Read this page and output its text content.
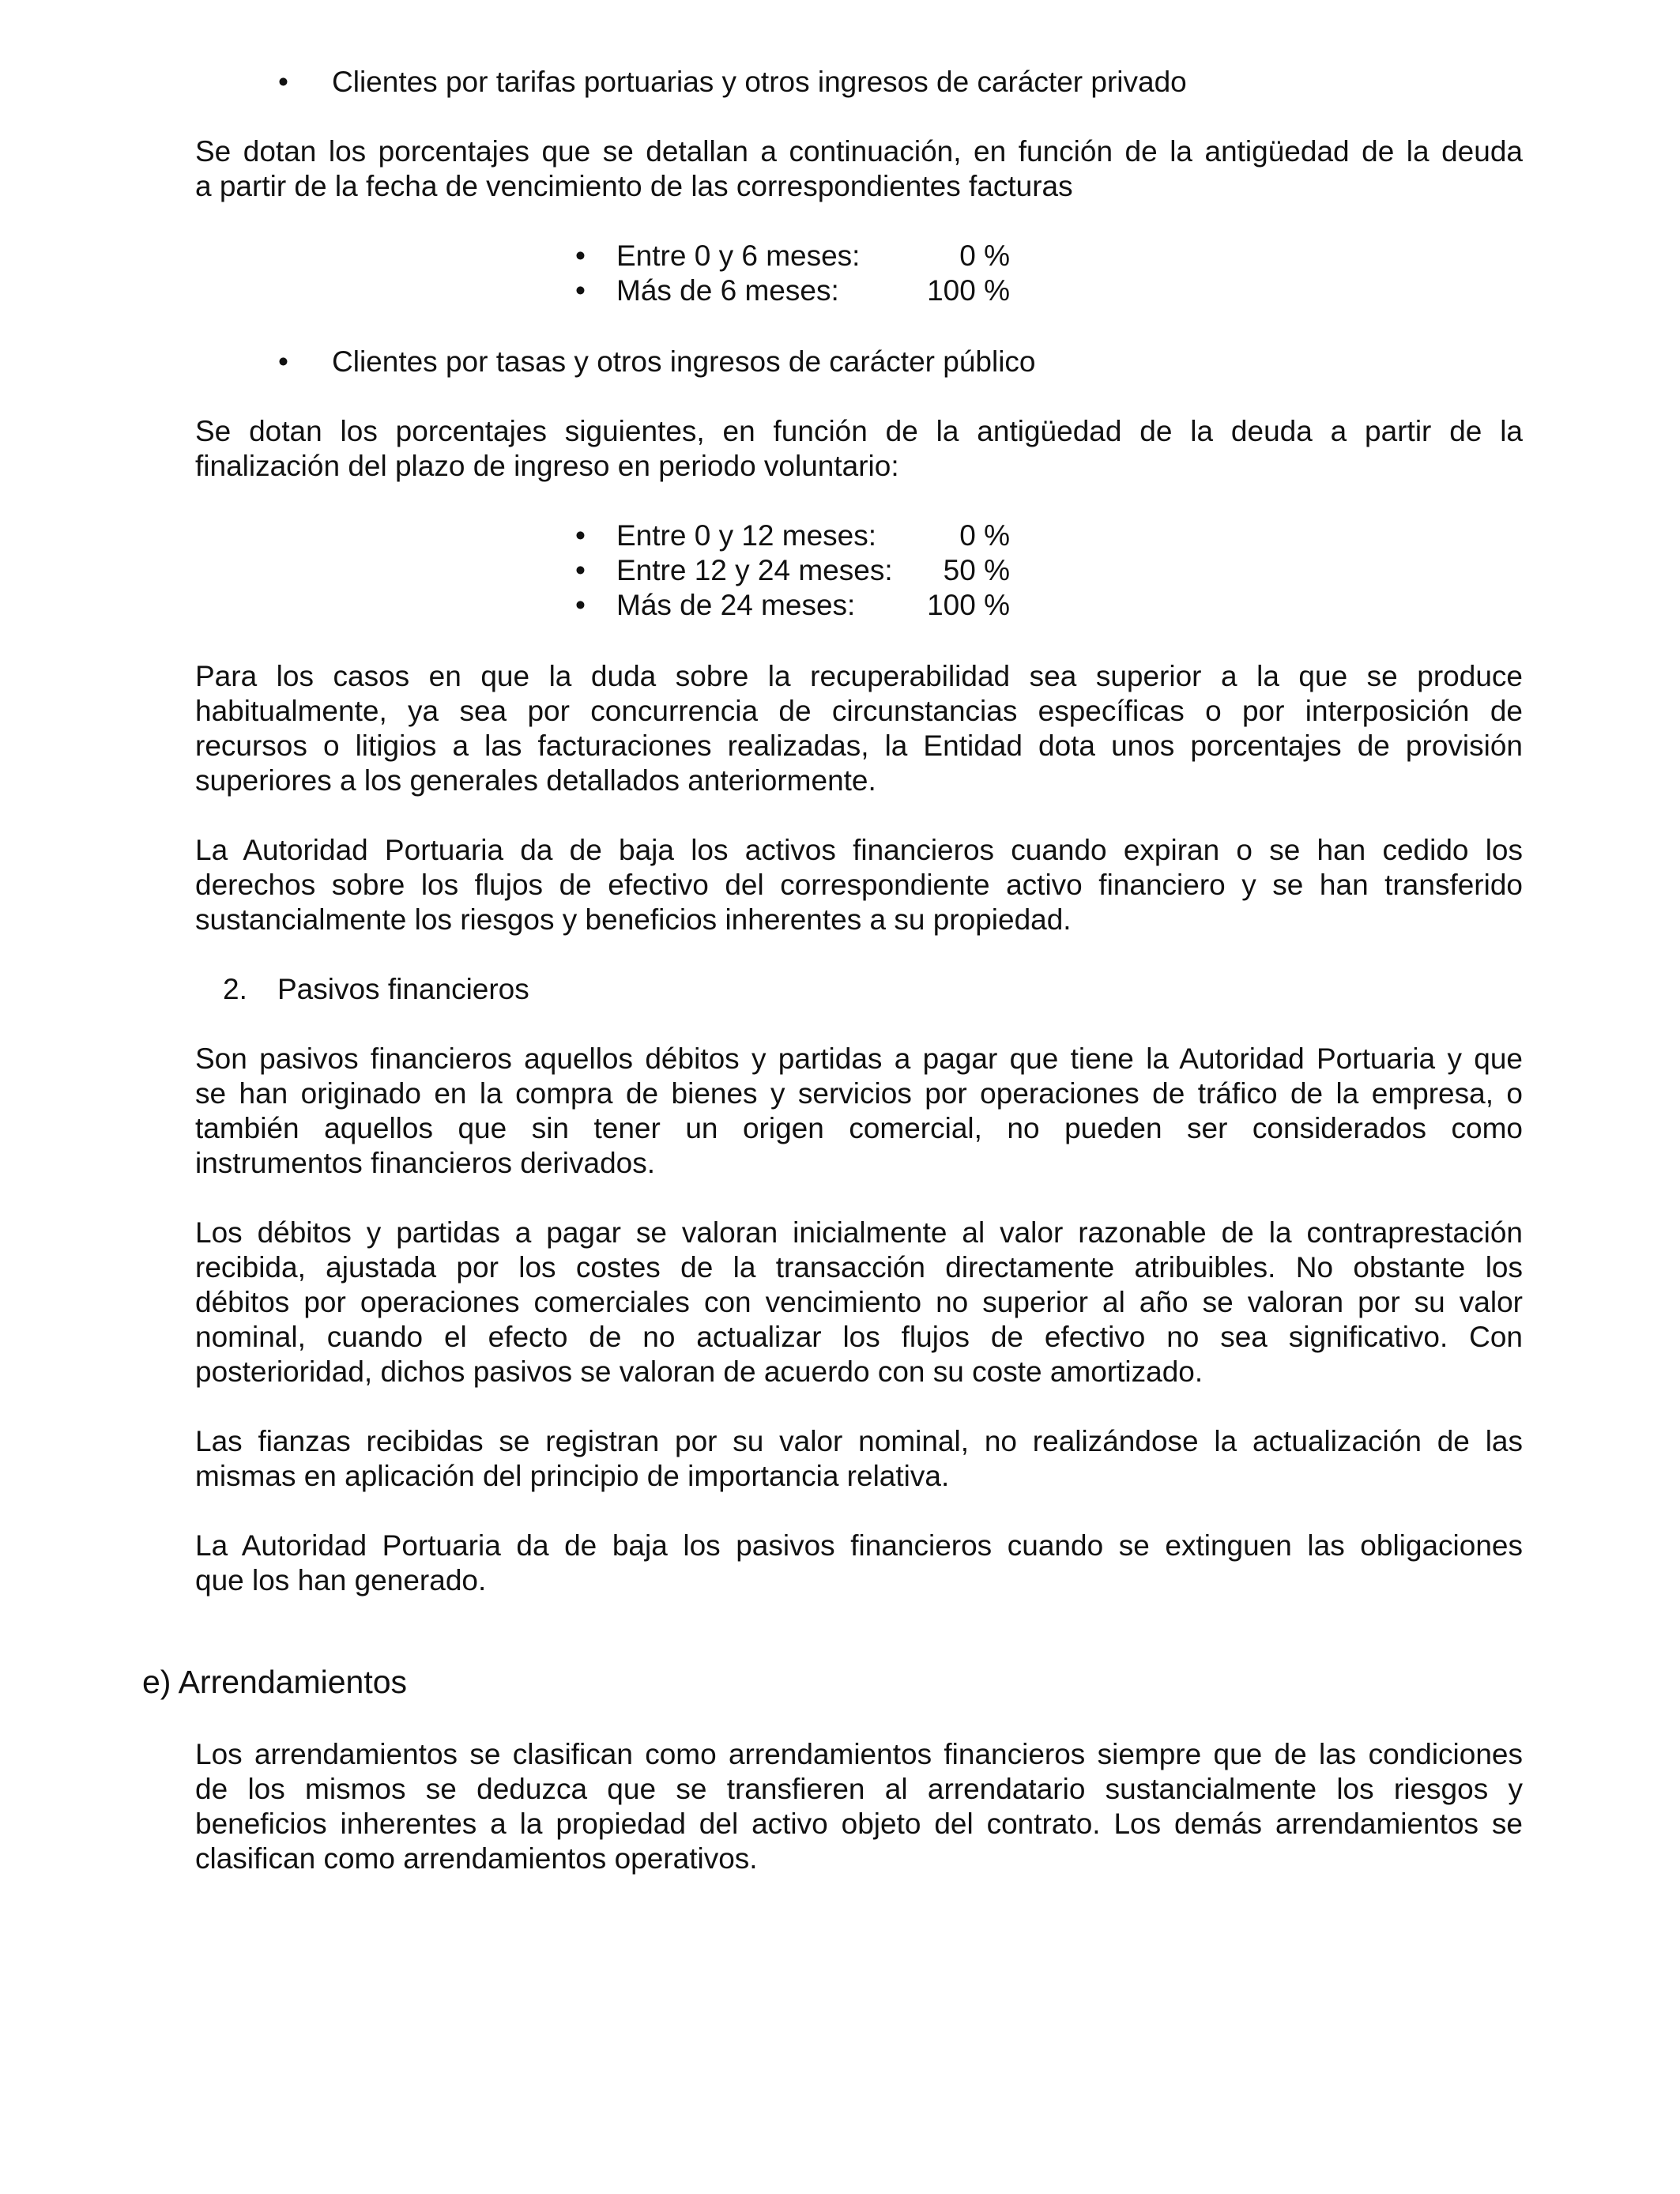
• Clientes por tarifas portuarias y otros ingresos de carácter privado
Se dotan los porcentajes que se detallan a continuación, en función de la antigüedad de la deuda
a partir de la fecha de vencimiento de las correspondientes facturas
• Entre 0 y 6 meses:	0 %
• Más de 6 meses:	100 %
• Clientes por tasas y otros ingresos de carácter público
Se dotan los porcentajes siguientes, en función de la antigüedad de la deuda a partir de la
finalización del plazo de ingreso en periodo voluntario:
• Entre 0 y 12 meses:	0 %
• Entre 12 y 24 meses: 50 %
• Más de 24 meses: 100 %
Para los casos en que la duda sobre la recuperabilidad sea superior a la que se produce
habitualmente, ya sea por concurrencia de circunstancias específicas o por interposición de
recursos o litigios a las facturaciones realizadas, la Entidad dota unos porcentajes de provisión
superiores a los generales detallados anteriormente.
La Autoridad Portuaria da de baja los activos financieros cuando expiran o se han cedido los
derechos sobre los flujos de efectivo del correspondiente activo financiero y se han transferido
sustancialmente los riesgos y beneficios inherentes a su propiedad.
2. Pasivos financieros
Son pasivos financieros aquellos débitos y partidas a pagar que tiene la Autoridad Portuaria y que
se han originado en la compra de bienes y servicios por operaciones de tráfico de la empresa, o
también aquellos que sin tener un origen comercial, no pueden ser considerados como
instrumentos financieros derivados.
Los débitos y partidas a pagar se valoran inicialmente al valor razonable de la contraprestación
recibida, ajustada por los costes de la transacción directamente atribuibles. No obstante los
débitos por operaciones comerciales con vencimiento no superior al año se valoran por su valor
nominal, cuando el efecto de no actualizar los flujos de efectivo no sea significativo. Con
posterioridad, dichos pasivos se valoran de acuerdo con su coste amortizado.
Las fianzas recibidas se registran por su valor nominal, no realizándose la actualización de las
mismas en aplicación del principio de importancia relativa.
La Autoridad Portuaria da de baja los pasivos financieros cuando se extinguen las obligaciones
que los han generado.
e) Arrendamientos
Los arrendamientos se clasifican como arrendamientos financieros siempre que de las condiciones
de los mismos se deduzca que se transfieren al arrendatario sustancialmente los riesgos y
beneficios inherentes a la propiedad del activo objeto del contrato. Los demás arrendamientos se
clasifican como arrendamientos operativos.
